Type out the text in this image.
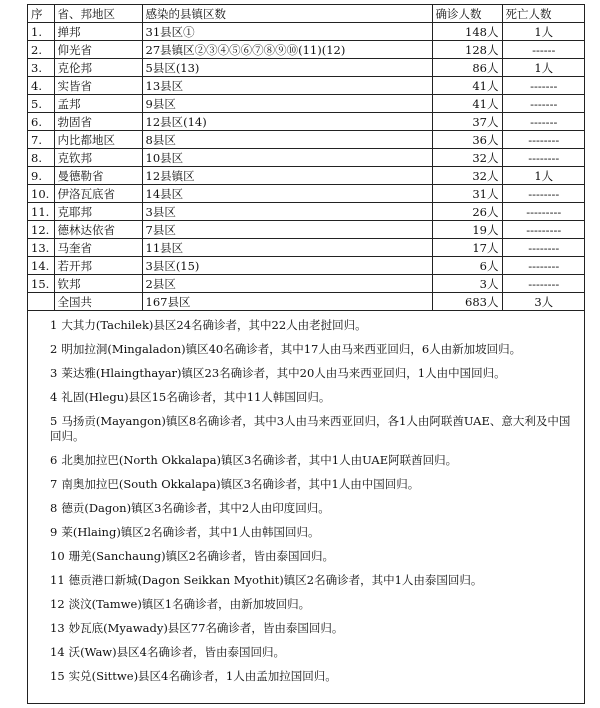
序	省、邦地区	感染的县镇区数	确诊人数	死亡人数
1.	掸邦	31县区①	148人	1人
2.	仰光省	27县镇区②③④⑤⑥⑦⑧⑨⑩(11)(12)	128人	------
3.	克伦邦	5县区(13)	86人	1人
4.	实皆省	13县区	41人	-------
5.	孟邦	9县区	41人	-------
6.	勃固省	12县区(14)	37人	-------
7.	内比都地区	8县区	36人	--------
8.	克钦邦	10县区	32人	--------
9.	曼德勒省	12县镇区	32人	1人
10.	伊洛瓦底省	14县区	31人	--------
11.	克耶邦	3县区	26人	---------
12.	德林达依省	7县区	19人	---------
13.	马奎省	11县区	17人	--------
14.	若开邦	3县区(15)	6人	--------
15.	钦邦	2县区	3人	--------
	全国共	167县区	683人	3人
1 大其力(Tachilek)县区24名确诊者，其中22人由老挝回归。
2 明加拉洞(Mingaladon)镇区40名确诊者，其中17人由马来西亚回归，6人由新加坡回归。
3 莱达雅(Hlaingthayar)镇区23名确诊者，其中20人由马来西亚回归，1人由中国回归。
4 礼固(Hlegu)县区15名确诊者，其中11人韩国回归。
5 马扬贡(Mayangon)镇区8名确诊者，其中3人由马来西亚回归，各1人由阿联酋UAE、意大利及中国回归。
6 北奥加拉巴(North Okkalapa)镇区3名确诊者，其中1人由UAE阿联酋回归。
7 南奥加拉巴(South Okkalapa)镇区3名确诊者，其中1人由中国回归。
8 德贡(Dagon)镇区3名确诊者，其中2人由印度回归。
9 莱(Hlaing)镇区2名确诊者，其中1人由韩国回归。
10 珊羌(Sanchaung)镇区2名确诊者，皆由泰国回归。
11 德贡港口新城(Dagon Seikkan Myothit)镇区2名确诊者，其中1人由泰国回归。
12 淡汶(Tamwe)镇区1名确诊者，由新加坡回归。
13 妙瓦底(Myawady)县区77名确诊者，皆由泰国回归。
14 沃(Waw)县区4名确诊者，皆由泰国回归。
15 实兑(Sittwe)县区4名确诊者，1人由孟加拉国回归。
